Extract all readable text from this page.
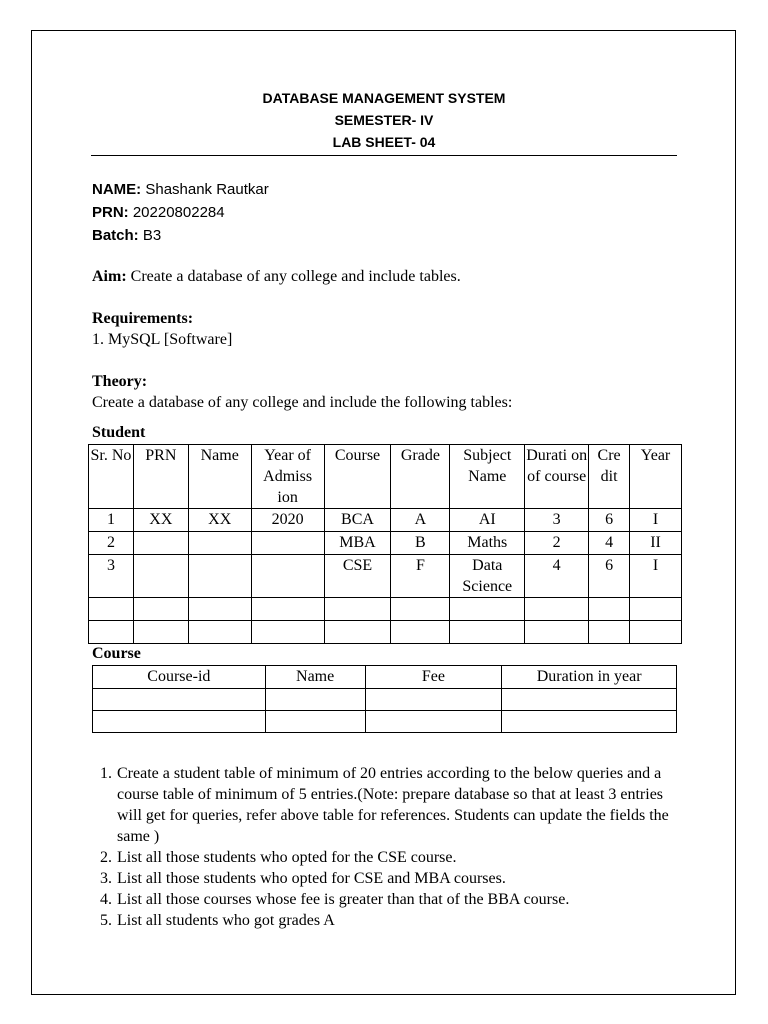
DATABASE MANAGEMENT SYSTEM
SEMESTER- IV
LAB SHEET- 04
NAME: Shashank Rautkar
PRN: 20220802284
Batch: B3
Aim: Create a database of any college and include tables.
Requirements:
1. MySQL [Software]
Theory:
Create a database of any college and include the following tables:
Student
Sr. No	PRN	Name	Year of Admiss ion	Course	Grade	Subject Name	Durati on of course	Cre dit	Year
1	XX	XX	2020	BCA	A	AI	3	6	I
2				MBA	B	Maths	2	4	II
3				CSE	F	Data Science	4	6	I

Course
Course-id	Name	Fee	Duration in year

1. Create a student table of minimum of 20 entries according to the below queries and a course table of minimum of 5 entries.(Note: prepare database so that at least 3 entries will get for queries, refer above table for references. Students can update the fields the same )
2. List all those students who opted for the CSE course.
3. List all those students who opted for CSE and MBA courses.
4. List all those courses whose fee is greater than that of the BBA course.
5. List all students who got grades A
